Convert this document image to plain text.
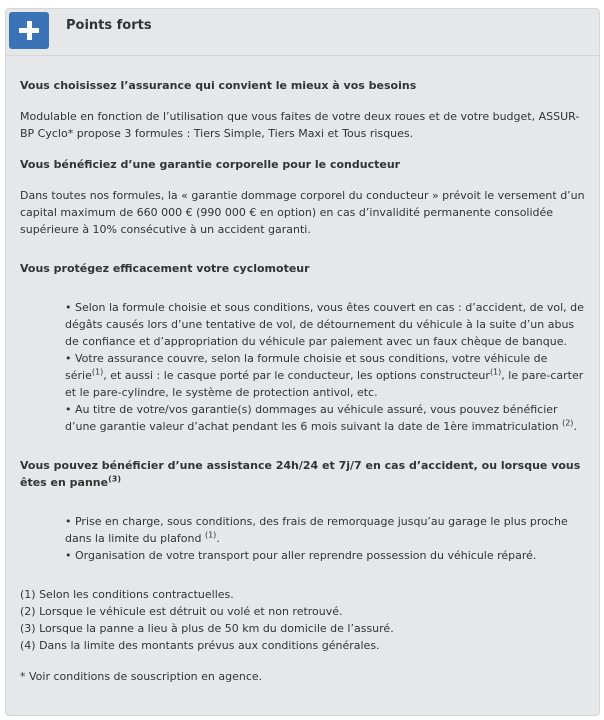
Points forts
Vous choisissez l’assurance qui convient le mieux à vos besoins

Modulable en fonction de l’utilisation que vous faites de votre deux roues et de votre budget, ASSUR-BP Cyclo* propose 3 formules : Tiers Simple, Tiers Maxi et Tous risques.

Vous bénéficiez d’une garantie corporelle pour le conducteur

Dans toutes nos formules, la « garantie dommage corporel du conducteur » prévoit le versement d’un capital maximum de 660 000 € (990 000 € en option) en cas d’invalidité permanente consolidée supérieure à 10% consécutive à un accident garanti.

Vous protégez efficacement votre cyclomoteur

• Selon la formule choisie et sous conditions, vous êtes couvert en cas : d’accident, de vol, de dégâts causés lors d’une tentative de vol, de détournement du véhicule à la suite d’un abus de confiance et d’appropriation du véhicule par paiement avec un faux chèque de banque.

• Votre assurance couvre, selon la formule choisie et sous conditions, votre véhicule de série$^{(1)}$, et aussi : le casque porté par le conducteur, les options constructeur$^{(1)}$, le pare-carter et le pare-cylindre, le système de protection antivol, etc.

• Au titre de votre/vos garantie(s) dommages au véhicule assuré, vous pouvez bénéficier d’une garantie valeur d’achat pendant les 6 mois suivant la date de 1ère immatriculation $^{(2)}$.

Vous pouvez bénéficier d’une assistance 24h/24 et 7j/7 en cas d’accident, ou lorsque vous êtes en panne$^{(3)}$

• Prise en charge, sous conditions, des frais de remorquage jusqu’au garage le plus proche dans la limite du plafond $^{(1)}$.

• Organisation de votre transport pour aller reprendre possession du véhicule réparé.

(1) Selon les conditions contractuelles.

(2) Lorsque le véhicule est détruit ou volé et non retrouvé.

(3) Lorsque la panne a lieu à plus de 50 km du domicile de l’assuré.

(4) Dans la limite des montants prévus aux conditions générales.

* Voir conditions de souscription en agence.
